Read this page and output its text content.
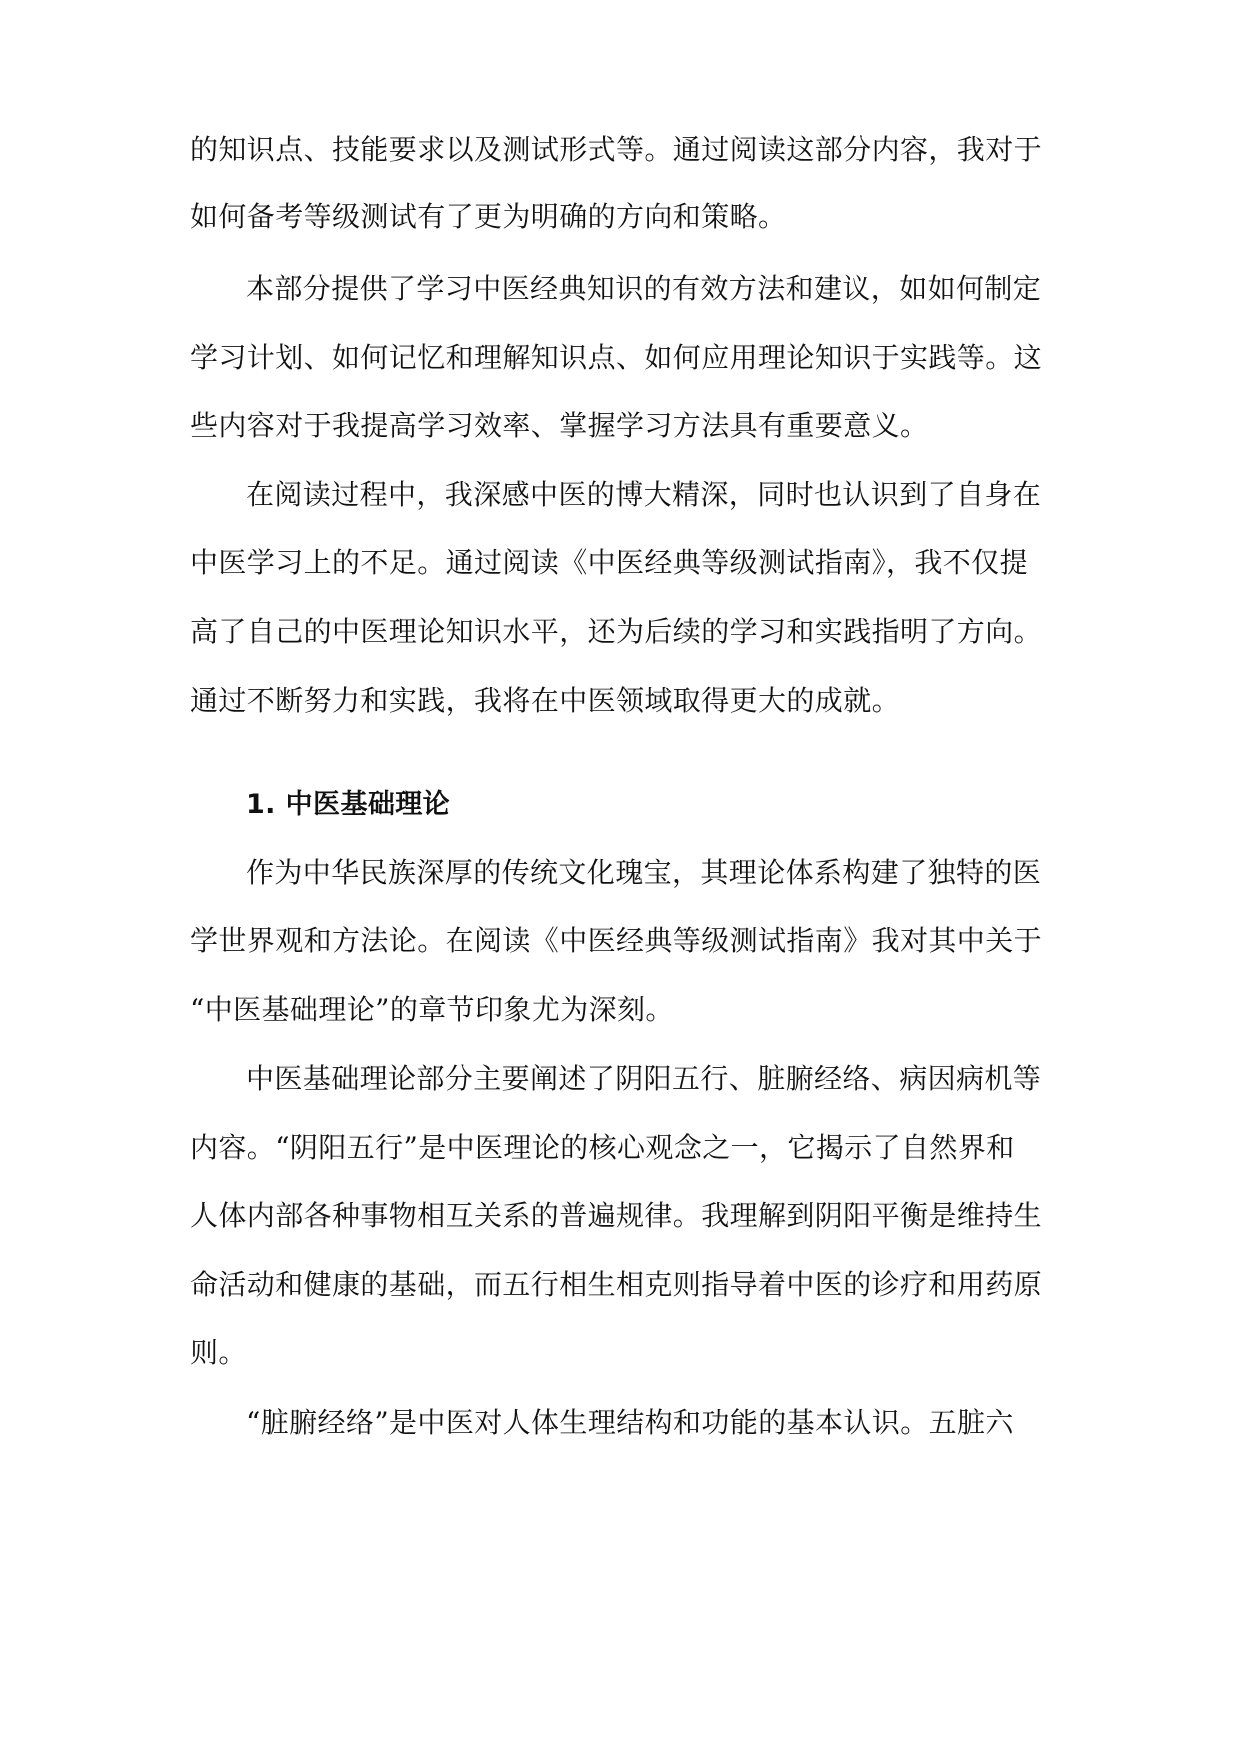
的知识点、技能要求以及测试形式等。通过阅读这部分内容，我对于
如何备考等级测试有了更为明确的方向和策略。
本部分提供了学习中医经典知识的有效方法和建议，如如何制定
学习计划、如何记忆和理解知识点、如何应用理论知识于实践等。这
些内容对于我提高学习效率、掌握学习方法具有重要意义。
在阅读过程中，我深感中医的博大精深，同时也认识到了自身在
中医学习上的不足。通过阅读《中医经典等级测试指南》，我不仅提
高了自己的中医理论知识水平，还为后续的学习和实践指明了方向。
通过不断努力和实践，我将在中医领域取得更大的成就。
1. 中医基础理论
作为中华民族深厚的传统文化瑰宝，其理论体系构建了独特的医
学世界观和方法论。在阅读《中医经典等级测试指南》我对其中关于
“中医基础理论”的章节印象尤为深刻。
中医基础理论部分主要阐述了阴阳五行、脏腑经络、病因病机等
内容。“阴阳五行”是中医理论的核心观念之一，它揭示了自然界和
人体内部各种事物相互关系的普遍规律。我理解到阴阳平衡是维持生
命活动和健康的基础，而五行相生相克则指导着中医的诊疗和用药原
则。
“脏腑经络”是中医对人体生理结构和功能的基本认识。五脏六
